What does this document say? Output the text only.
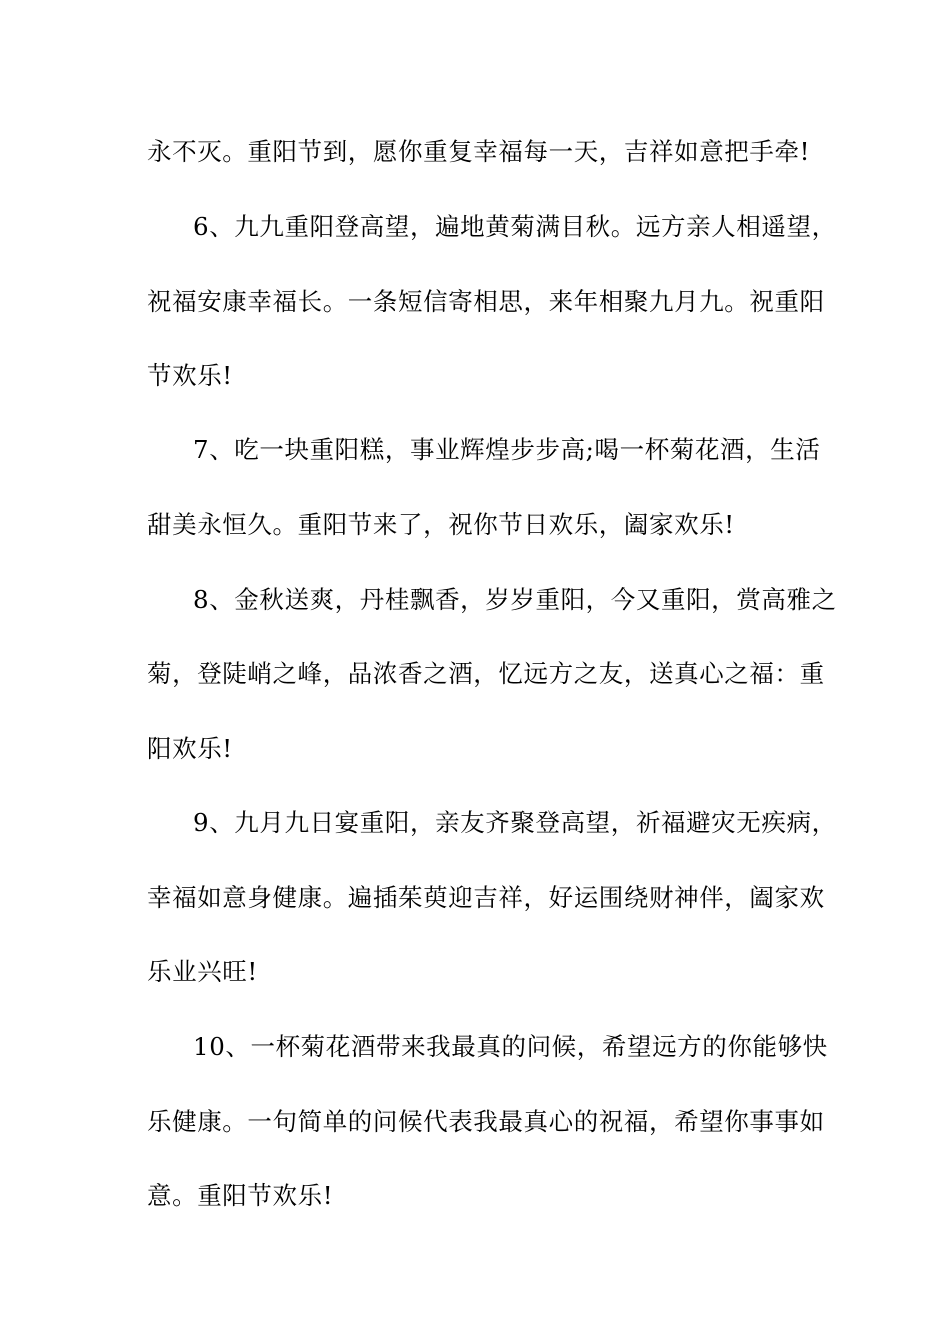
永不灭。重阳节到，愿你重复幸福每一天，吉祥如意把手牵!
6、九九重阳登高望，遍地黄菊满目秋。远方亲人相遥望，
祝福安康幸福长。一条短信寄相思，来年相聚九月九。祝重阳
节欢乐!
7、吃一块重阳糕，事业辉煌步步高;喝一杯菊花酒，生活
甜美永恒久。重阳节来了，祝你节日欢乐，阖家欢乐!
8、金秋送爽，丹桂飘香，岁岁重阳，今又重阳，赏高雅之
菊，登陡峭之峰，品浓香之酒，忆远方之友，送真心之福：重
阳欢乐!
9、九月九日宴重阳，亲友齐聚登高望，祈福避灾无疾病，
幸福如意身健康。遍插茱萸迎吉祥，好运围绕财神伴，阖家欢
乐业兴旺!
10、一杯菊花酒带来我最真的问候，希望远方的你能够快
乐健康。一句简单的问候代表我最真心的祝福，希望你事事如
意。重阳节欢乐!
